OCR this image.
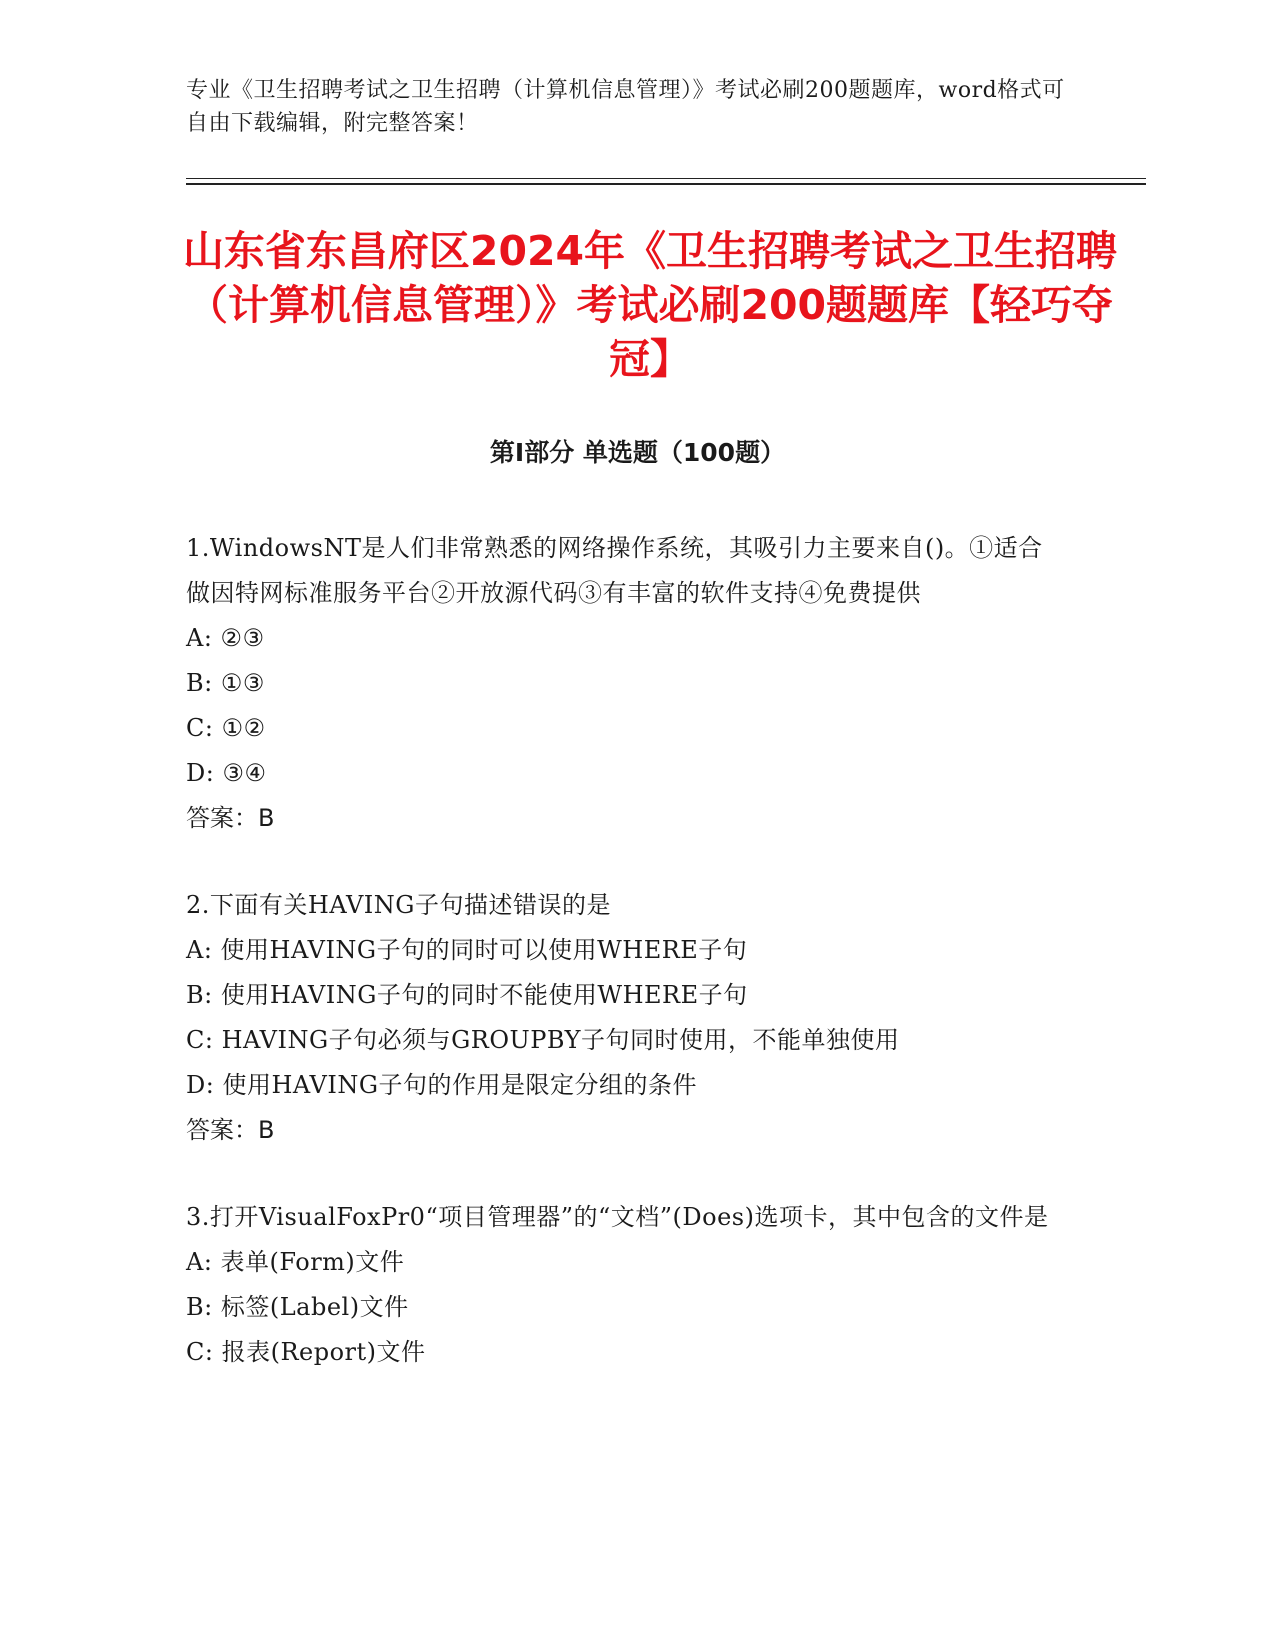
专业《卫生招聘考试之卫生招聘（计算机信息管理）》考试必刷200题题库，word格式可自由下载编辑，附完整答案！
山东省东昌府区2024年《卫生招聘考试之卫生招聘（计算机信息管理）》考试必刷200题题库【轻巧夺冠】
第Ⅰ部分 单选题（100题）
1.WindowsNT是人们非常熟悉的网络操作系统，其吸引力主要来自()。①适合做因特网标准服务平台②开放源代码③有丰富的软件支持④免费提供
A: ②③
B: ①③
C: ①②
D: ③④
答案：B
2.下面有关HAVING子句描述错误的是
A: 使用HAVING子句的同时可以使用WHERE子句
B: 使用HAVING子句的同时不能使用WHERE子句
C: HAVING子句必须与GROUPBY子句同时使用，不能单独使用
D: 使用HAVING子句的作用是限定分组的条件
答案：B
3.打开VisualFoxPr0“项目管理器”的“文档”(Does)选项卡，其中包含的文件是
A: 表单(Form)文件
B: 标签(Label)文件
C: 报表(Report)文件
